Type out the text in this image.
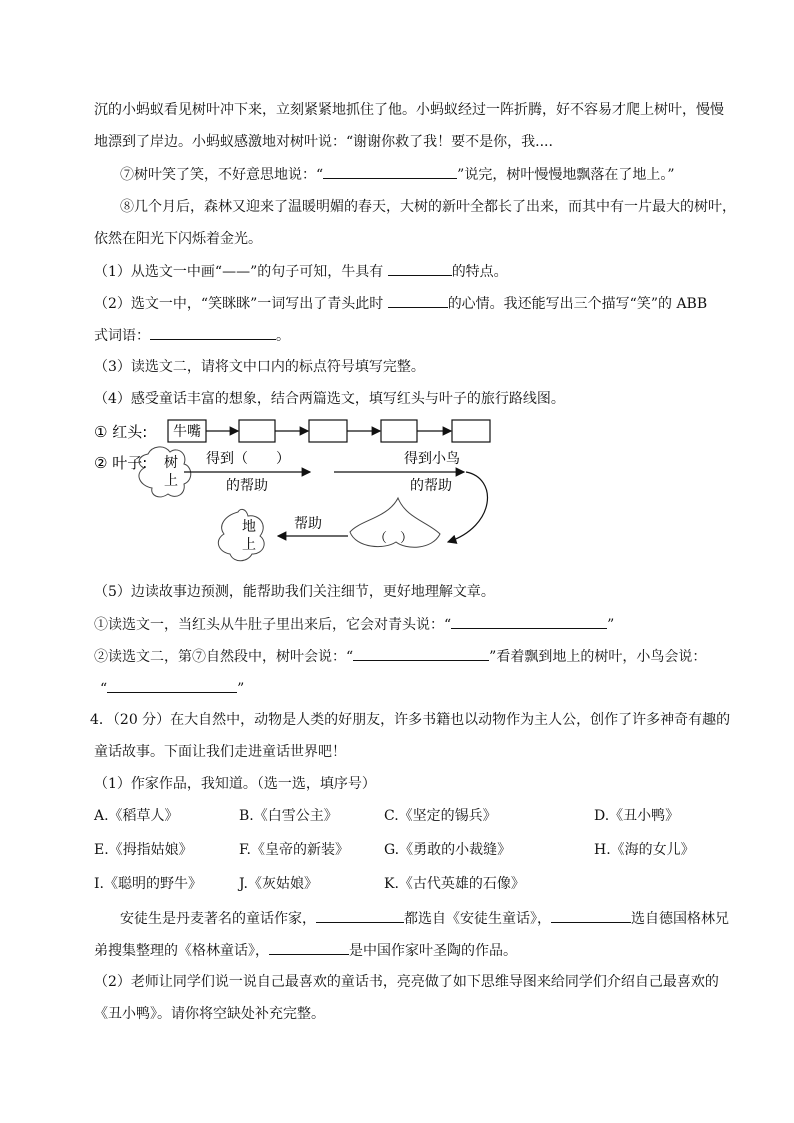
沉的小蚂蚁看见树叶冲下来，立刻紧紧地抓住了他。小蚂蚁经过一阵折腾，好不容易才爬上树叶，慢慢
地漂到了岸边。小蚂蚁感激地对树叶说：“谢谢你救了我！要不是你，我....
⑦树叶笑了笑，不好意思地说：“	”说完，树叶慢慢地飘落在了地上。”
⑧几个月后，森林又迎来了温暖明媚的春天，大树的新叶全都长了出来，而其中有一片最大的树叶，
依然在阳光下闪烁着金光。
（1）从选文一中画“——”的句子可知，牛具有	的特点。
（2）选文一中，“笑眯眯”一词写出了青头此时	的心情。我还能写出三个描写“笑”的 ABB
式词语：	。
（3）读选文二，请将文中口内的标点符号填写完整。
（4）感受童话丰富的想象，结合两篇选文，填写红头与叶子的旅行路线图。
① 红头: 牛嘴
② 叶子: 树
上
得到（　　）
的帮助
得到小鸟
的帮助
（　）
帮助
地
上
（5）边读故事边预测，能帮助我们关注细节，更好地理解文章。
①读选文一，当红头从牛肚子里出来后，它会对青头说：“	”
②读选文二，第⑦自然段中，树叶会说：“	”看着飘到地上的树叶，小鸟会说：
“	”
4．（20 分）在大自然中，动物是人类的好朋友，许多书籍也以动物作为主人公，创作了许多神奇有趣的
童话故事。下面让我们走进童话世界吧！
（1）作家作品，我知道。（选一选，填序号）
A.《稻草人》	B.《白雪公主》	C.《坚定的锡兵》	D.《丑小鸭》
E.《拇指姑娘》	F.《皇帝的新装》	G.《勇敢的小裁缝》	H.《海的女儿》
I.《聪明的野牛》	J.《灰姑娘》	K.《古代英雄的石像》
安徒生是丹麦著名的童话作家，	都选自《安徒生童话》，	选自德国格林兄
弟搜集整理的《格林童话》，	是中国作家叶圣陶的作品。
（2）老师让同学们说一说自己最喜欢的童话书，亮亮做了如下思维导图来给同学们介绍自己最喜欢的
《丑小鸭》。请你将空缺处补充完整。
